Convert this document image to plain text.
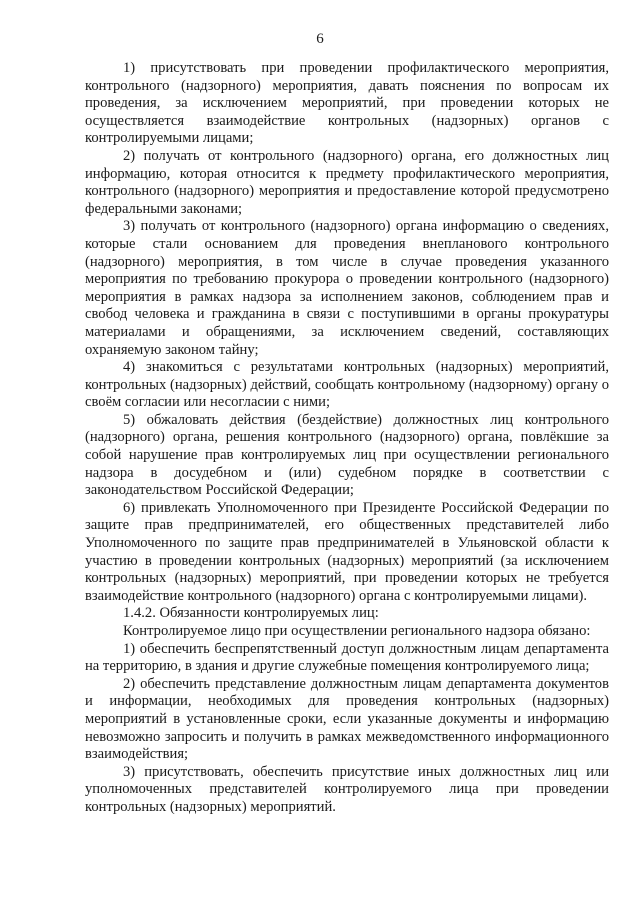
6

1) присутствовать при проведении профилактического мероприятия, контрольного (надзорного) мероприятия, давать пояснения по вопросам их проведения, за исключением мероприятий, при проведении которых не осуществляется взаимодействие контрольных (надзорных) органов с контролируемыми лицами;

2) получать от контрольного (надзорного) органа, его должностных лиц информацию, которая относится к предмету профилактического мероприятия, контрольного (надзорного) мероприятия и предоставление которой предусмотрено федеральными законами;

3) получать от контрольного (надзорного) органа информацию о сведениях, которые стали основанием для проведения внепланового контрольного (надзорного) мероприятия, в том числе в случае проведения указанного мероприятия по требованию прокурора о проведении контрольного (надзорного) мероприятия в рамках надзора за исполнением законов, соблюдением прав и свобод человека и гражданина в связи с поступившими в органы прокуратуры материалами и обращениями, за исключением сведений, составляющих охраняемую законом тайну;

4) знакомиться с результатами контрольных (надзорных) мероприятий, контрольных (надзорных) действий, сообщать контрольному (надзорному) органу о своём согласии или несогласии с ними;

5) обжаловать действия (бездействие) должностных лиц контрольного (надзорного) органа, решения контрольного (надзорного) органа, повлёкшие за собой нарушение прав контролируемых лиц при осуществлении регионального надзора в досудебном и (или) судебном порядке в соответствии с законодательством Российской Федерации;

6) привлекать Уполномоченного при Президенте Российской Федерации по защите прав предпринимателей, его общественных представителей либо Уполномоченного по защите прав предпринимателей в Ульяновской области к участию в проведении контрольных (надзорных) мероприятий (за исключением контрольных (надзорных) мероприятий, при проведении которых не требуется взаимодействие контрольного (надзорного) органа с контролируемыми лицами).

1.4.2. Обязанности контролируемых лиц:

Контролируемое лицо при осуществлении регионального надзора обязано:

1) обеспечить беспрепятственный доступ должностным лицам департамента на территорию, в здания и другие служебные помещения контролируемого лица;

2) обеспечить представление должностным лицам департамента документов и информации, необходимых для проведения контрольных (надзорных) мероприятий в установленные сроки, если указанные документы и информацию невозможно запросить и получить в рамках межведомственного информационного взаимодействия;

3) присутствовать, обеспечить присутствие иных должностных лиц или уполномоченных представителей контролируемого лица при проведении контрольных (надзорных) мероприятий.
